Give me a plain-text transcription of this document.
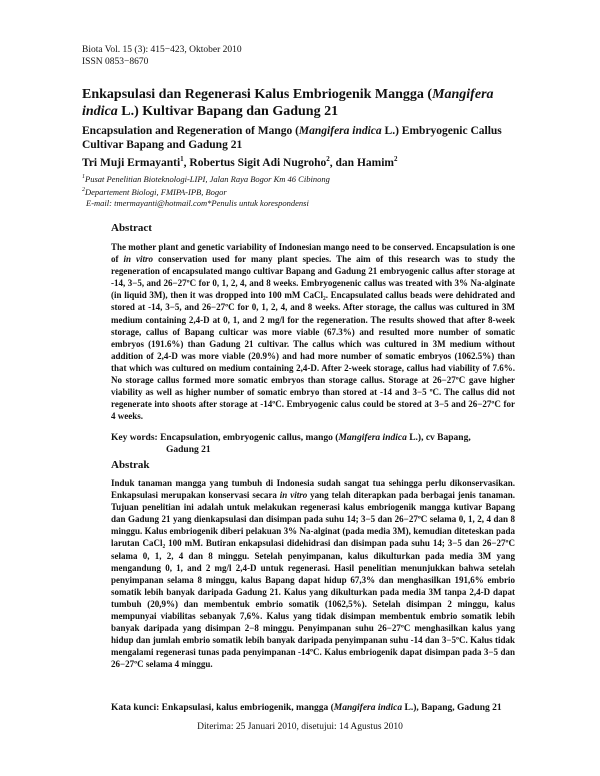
Biota Vol. 15 (3): 415−423, Oktober 2010
ISSN 0853−8670
Enkapsulasi dan Regenerasi Kalus Embriogenik Mangga (Mangifera indica L.) Kultivar Bapang dan Gadung 21
Encapsulation and Regeneration of Mango (Mangifera indica L.) Embryogenic Callus Cultivar Bapang and Gadung 21
Tri Muji Ermayanti$^1$, Robertus Sigit Adi Nugroho$^2$, dan Hamim$^2$
$^1$Pusat Penelitian Bioteknologi-LIPI, Jalan Raya Bogor Km 46 Cibinong
$^2$Departement Biologi, FMIPA-IPB, Bogor
E-mail: tmermayanti@hotmail.com*Penulis untuk korespondensi
Abstract
The mother plant and genetic variability of Indonesian mango need to be conserved. Encapsulation is one of in vitro conservation used for many plant species. The aim of this research was to study the regeneration of encapsulated mango cultivar Bapang and Gadung 21 embryogenic callus after storage at -14, 3−5, and 26−27ºC for 0, 1, 2, 4, and 8 weeks. Embryogenenic callus was treated with 3% Na-alginate (in liquid 3M), then it was dropped into 100 mM CaCl₂. Encapsulated callus beads were dehidrated and stored at -14, 3−5, and 26−27ºC for 0, 1, 2, 4, and 8 weeks. After storage, the callus was cultured in 3M medium containing 2,4-D at 0, 1, and 2 mg/l for the regeneration. The results showed that after 8-week storage, callus of Bapang culticar was more viable (67.3%) and resulted more number of somatic embryos (191.6%) than Gadung 21 cultivar. The callus which was cultured in 3M medium without addition of 2,4-D was more viable (20.9%) and had more number of somatic embryos (1062.5%) than that which was cultured on medium containing 2,4-D. After 2-week storage, callus had viability of 7.6%. No storage callus formed more somatic embryos than storage callus. Storage at 26−27ºC gave higher viability as well as higher number of somatic embryo than stored at -14 and 3−5 ºC. The callus did not regenerate into shoots after storage at -14ºC. Embryogenic calus could be stored at 3−5 and 26−27ºC for 4 weeks.
Key words: Encapsulation, embryogenic callus, mango (Mangifera indica L.), cv Bapang,
Gadung 21
Abstrak
Induk tanaman mangga yang tumbuh di Indonesia sudah sangat tua sehingga perlu dikonservasikan. Enkapsulasi merupakan konservasi secara in vitro yang telah diterapkan pada berbagai jenis tanaman. Tujuan penelitian ini adalah untuk melakukan regenerasi kalus embriogenik mangga kutivar Bapang dan Gadung 21 yang dienkapsulasi dan disimpan pada suhu 14; 3−5 dan 26−27ºC selama 0, 1, 2, 4 dan 8 minggu. Kalus embriogenik diberi pelakuan 3% Na-alginat (pada media 3M), kemudian diteteskan pada larutan CaCl₂ 100 mM. Butiran enkapsulasi didehidrasi dan disimpan pada suhu 14; 3−5 dan 26−27ºC selama 0, 1, 2, 4 dan 8 minggu. Setelah penyimpanan, kalus dikulturkan pada media 3M yang mengandung 0, 1, and 2 mg/l 2,4-D untuk regenerasi. Hasil penelitian menunjukkan bahwa setelah penyimpanan selama 8 minggu, kalus Bapang dapat hidup 67,3% dan menghasilkan 191,6% embrio somatik lebih banyak daripada Gadung 21. Kalus yang dikulturkan pada media 3M tanpa 2,4-D dapat tumbuh (20,9%) dan membentuk embrio somatik (1062,5%). Setelah disimpan 2 minggu, kalus mempunyai viabilitas sebanyak 7,6%. Kalus yang tidak disimpan membentuk embrio somatik lebih banyak daripada yang disimpan 2−8 minggu. Penyimpanan suhu 26−27ºC menghasilkan kalus yang hidup dan jumlah embrio somatik lebih banyak daripada penyimpanan suhu -14 dan 3−5ºC. Kalus tidak mengalami regenerasi tunas pada penyimpanan -14ºC. Kalus embriogenik dapat disimpan pada 3−5 dan 26−27ºC selama 4 minggu.
Kata kunci: Enkapsulasi, kalus embriogenik, mangga (Mangifera indica L.), Bapang, Gadung 21
Diterima: 25 Januari 2010, disetujui: 14 Agustus 2010
